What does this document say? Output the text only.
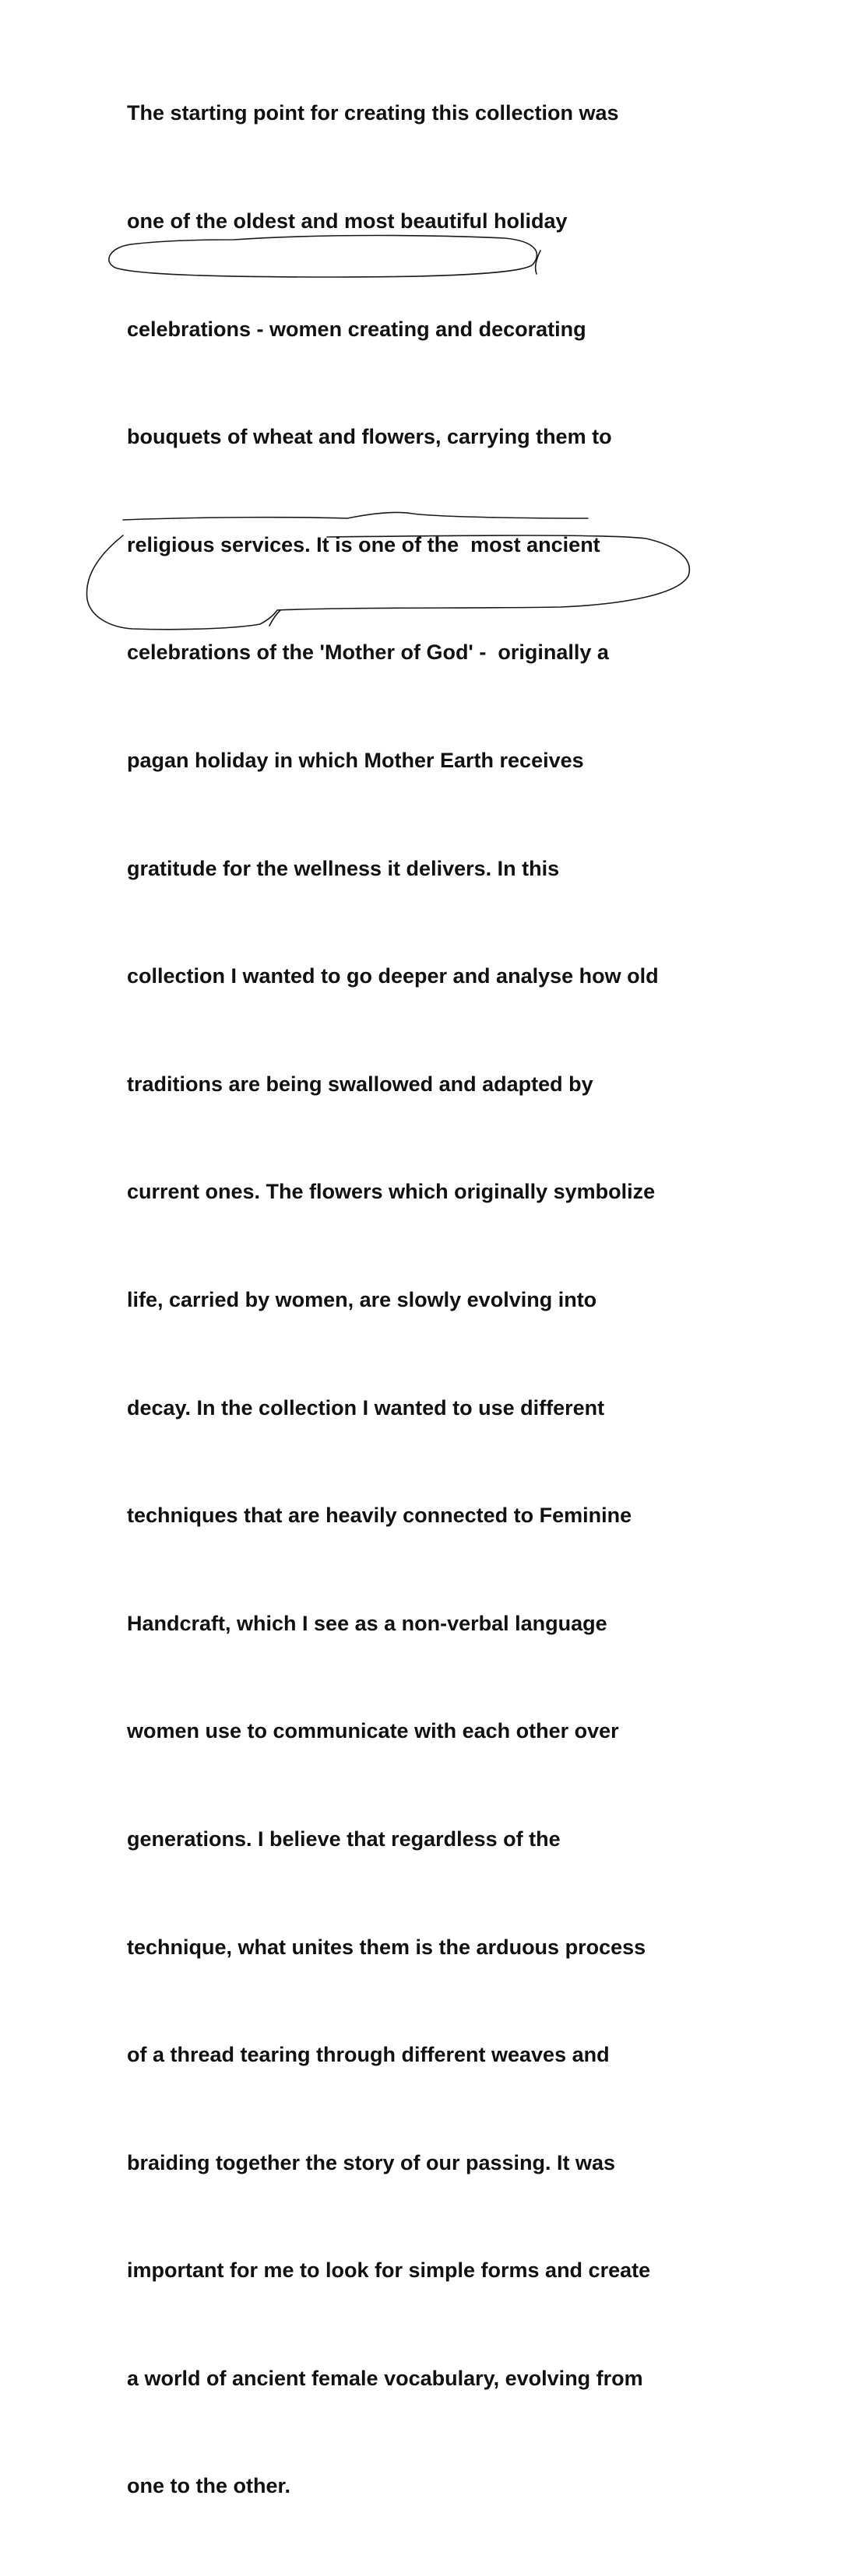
The starting point for creating this collection was

one of the oldest and most beautiful holiday

celebrations - women creating and decorating

bouquets of wheat and flowers, carrying them to

religious services. It is one of the  most ancient

celebrations of the 'Mother of God' -  originally a

pagan holiday in which Mother Earth receives

gratitude for the wellness it delivers. In this

collection I wanted to go deeper and analyse how old

traditions are being swallowed and adapted by

current ones. The flowers which originally symbolize

life, carried by women, are slowly evolving into

decay. In the collection I wanted to use different

techniques that are heavily connected to Feminine

Handcraft, which I see as a non-verbal language

women use to communicate with each other over

generations. I believe that regardless of the

technique, what unites them is the arduous process

of a thread tearing through different weaves and

braiding together the story of our passing. It was

important for me to look for simple forms and create

a world of ancient female vocabulary, evolving from

one to the other.
